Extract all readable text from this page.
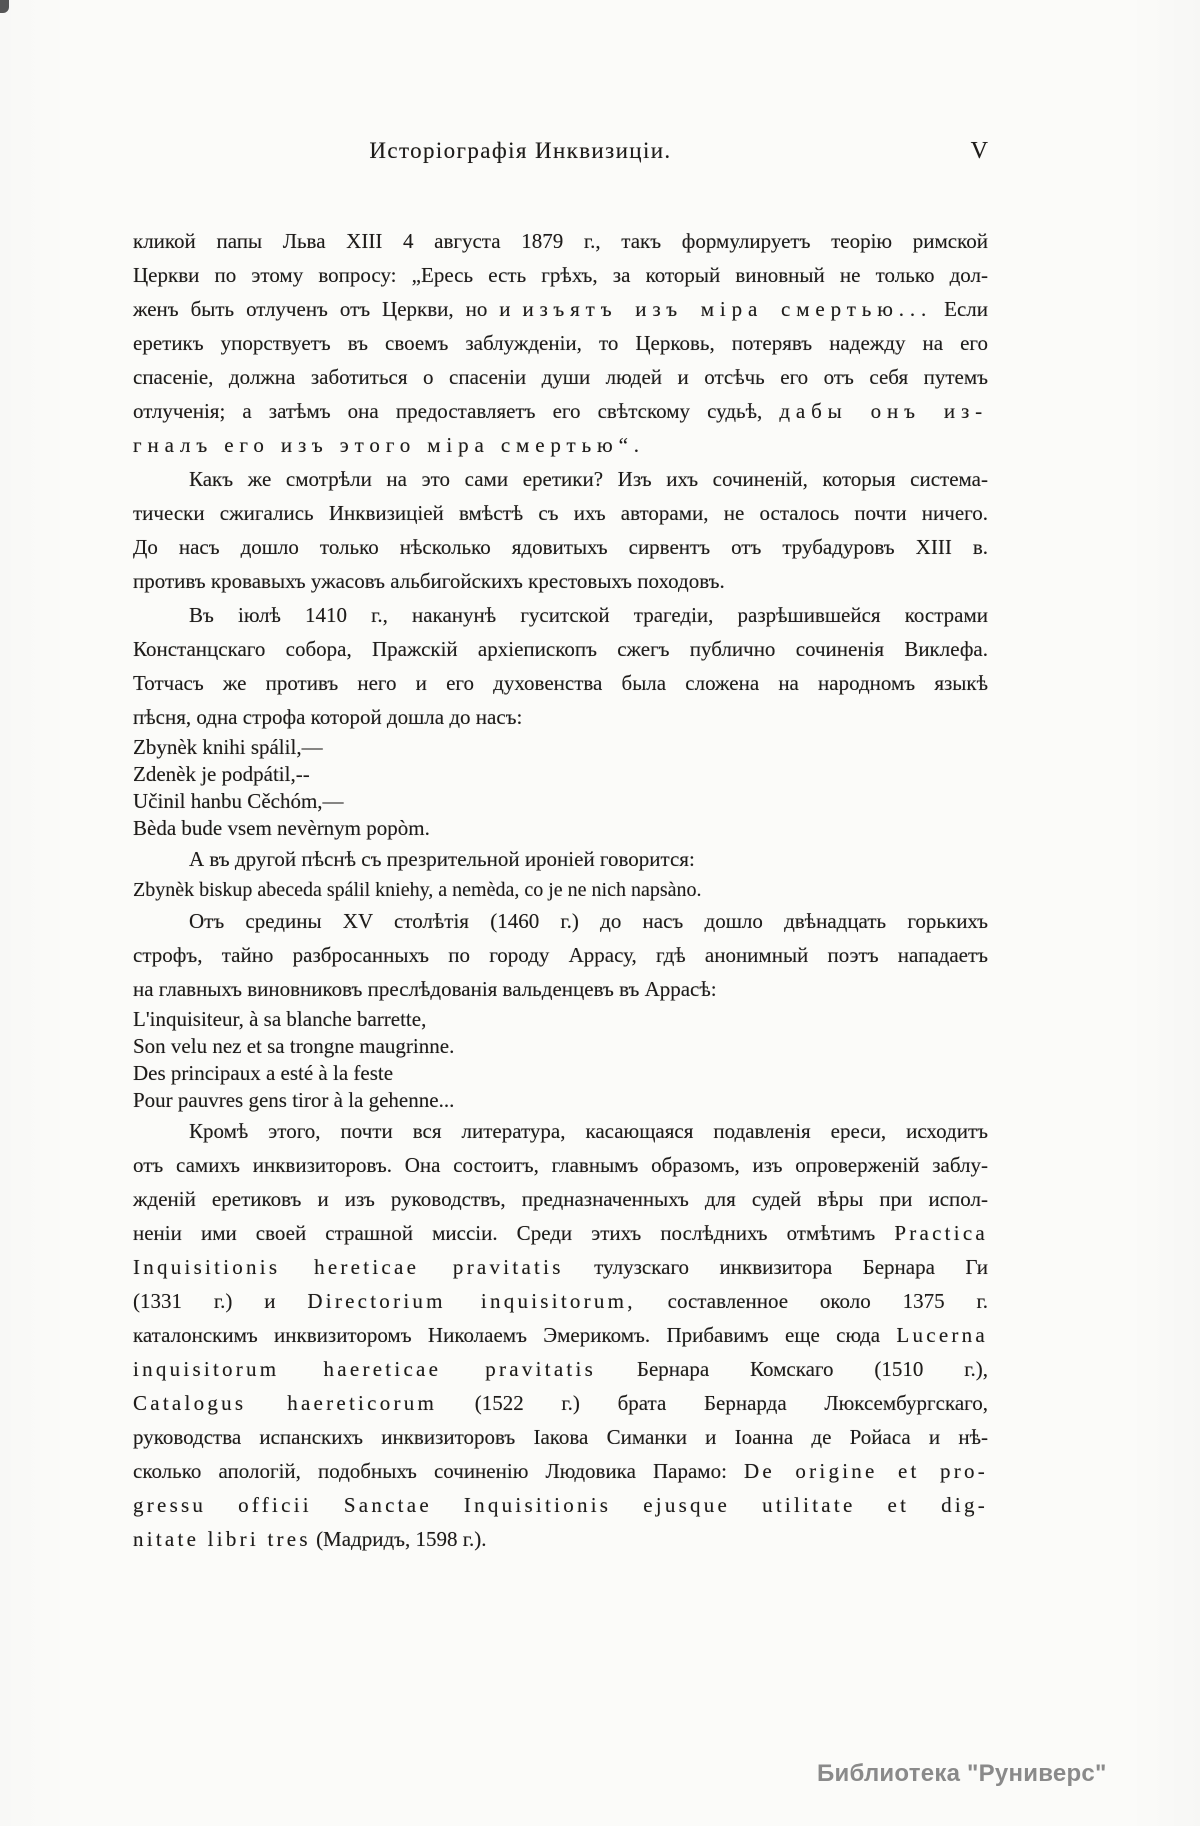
Исторіографія Инквизиціи.	V
кликой папы Льва XIII 4 августа 1879 г., такъ формулируетъ теорію римской
Церкви по этому вопросу: „Ересь есть грѣхъ, за который виновный не только дол-
женъ быть отлученъ отъ Церкви, но и изъятъ изъ міра смертью... Если
еретикъ упорствуетъ въ своемъ заблужденіи, то Церковь, потерявъ надежду на его
спасеніе, должна заботиться о спасеніи души людей и отсѣчь его отъ себя путемъ
отлученія; а затѣмъ она предоставляетъ его свѣтскому судьѣ, дабы онъ из-
гналъ его изъ этого міра смертью“.
Какъ же смотрѣли на это сами еретики? Изъ ихъ сочиненій, которыя система-
тически сжигались Инквизиціей вмѣстѣ съ ихъ авторами, не осталось почти ничего.
До насъ дошло только нѣсколько ядовитыхъ сирвентъ отъ трубадуровъ XIII в.
противъ кровавыхъ ужасовъ альбигойскихъ крестовыхъ походовъ.
Въ іюлѣ 1410 г., наканунѣ гуситской трагедіи, разрѣшившейся кострами
Констанцскаго собора, Пражскій архіепископъ сжегъ публично сочиненія Виклефа.
Тотчасъ же противъ него и его духовенства была сложена на народномъ языкѣ
пѣсня, одна строфа которой дошла до насъ:
Zbynèk knihi spálil,—
Zdenèk je podpátil,--
Učinil hanbu Cěchóm,—
Bèda bude vsem nevèrnym popòm.
А въ другой пѣснѣ съ презрительной ироніей говорится:
Zbynèk biskup abeceda spálil kniehy, a nemèda, co je ne nich napsàno.
Отъ средины XV столѣтія (1460 г.) до насъ дошло двѣнадцать горькихъ
строфъ, тайно разбросанныхъ по городу Аррасу, гдѣ анонимный поэтъ нападаетъ
на главныхъ виновниковъ преслѣдованія вальденцевъ въ Аррасѣ:
L'inquisiteur, à sa blanche barrette,
Son velu nez et sa trongne maugrinne.
Des principaux a esté à la feste
Pour pauvres gens tiror à la gehenne...
Кромѣ этого, почти вся литература, касающаяся подавленія ереси, исходитъ
отъ самихъ инквизиторовъ. Она состоитъ, главнымъ образомъ, изъ опроверженій заблу-
жденій еретиковъ и изъ руководствъ, предназначенныхъ для судей вѣры при испол-
неніи ими своей страшной миссіи. Среди этихъ послѣднихъ отмѣтимъ Practica
Inquisitionis hereticae pravitatis тулузскаго инквизитора Бернара Ги
(1331 г.) и Directorium inquisitorum, составленное около 1375 г.
каталонскимъ инквизиторомъ Николаемъ Эмерикомъ. Прибавимъ еще сюда Lucerna
inquisitorum haereticae pravitatis Бернара Комскаго (1510 г.),
Catalogus haereticorum (1522 г.) брата Бернарда Люксембургскаго,
руководства испанскихъ инквизиторовъ Іакова Симанки и Іоанна де Ройаса и нѣ-
сколько апологій, подобныхъ сочиненію Людовика Парамо: De origine et pro-
gressu officii Sanctae Inquisitionis ejusque utilitate et dig-
nitate libri tres (Мадридъ, 1598 г.).
Библиотека "Руниверс"
